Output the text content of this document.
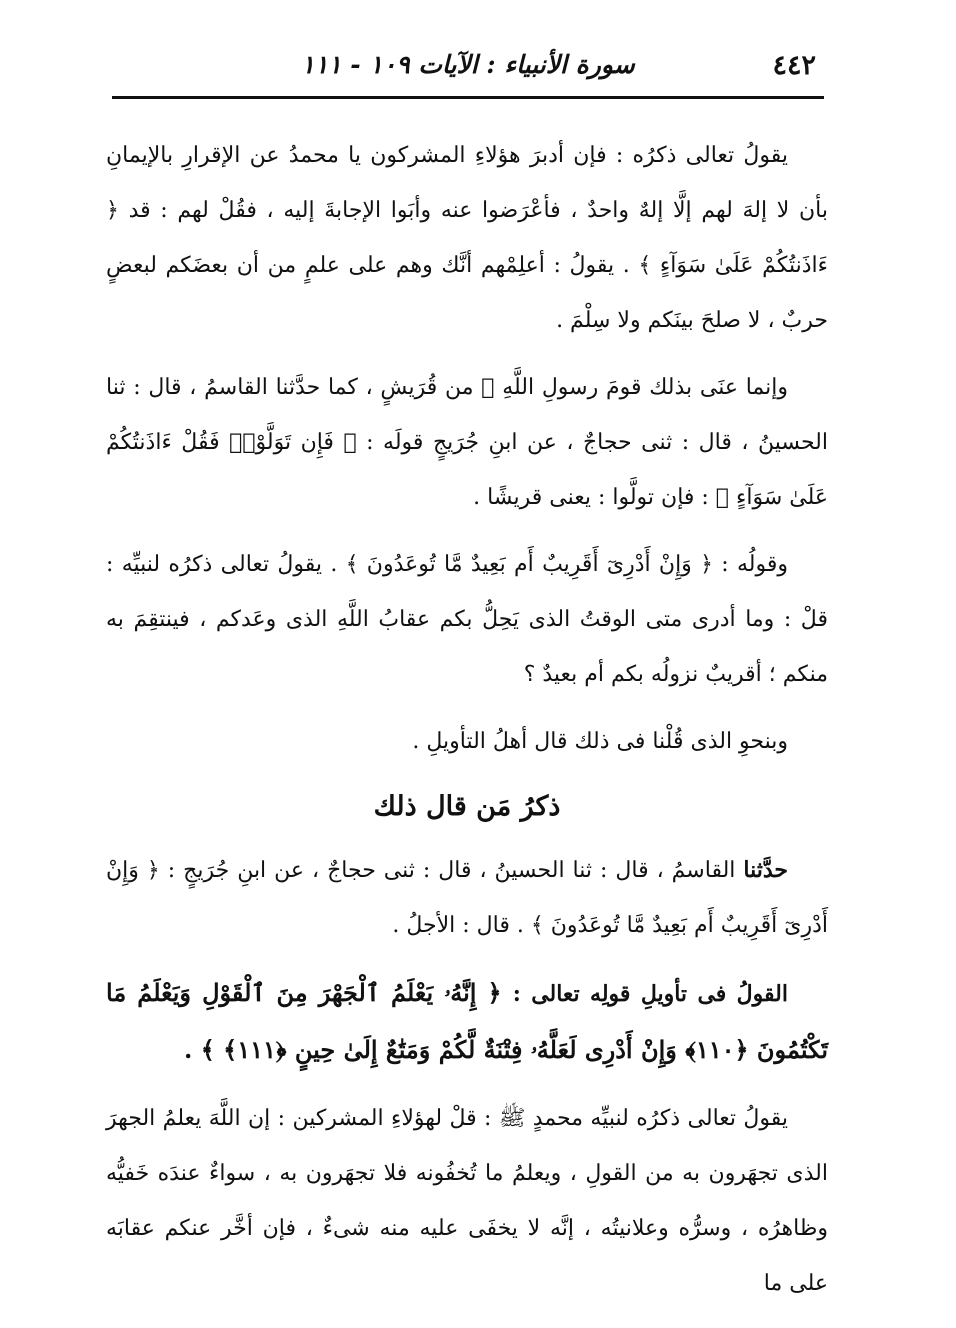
٤٤٢
سورة الأنبياء : الآيات ١٠٩ - ١١١

يقولُ تعالى ذكرُه : فإن أدبرَ هؤلاءِ المشركون يا محمدُ عن الإقرارِ بالإيمانِ بأن لا إلهَ لهم إلَّا إلهٌ واحدٌ ، فأعْرَضوا عنه وأبَوا الإجابةَ إليه ، فقُلْ لهم : قد ﴿ ءَاذَنتُكُمْ عَلَىٰ سَوَآءٍ ﴾ . يقولُ : أعلِمْهم أنَّك وهم على علمٍ من أن بعضَكم لبعضٍ حربٌ ، لا صلحَ بينَكم ولا سِلْمَ .

وإنما عنَى بذلك قومَ رسولِ اللَّهِ ﷺ من قُرَيشٍ ، كما حدَّثنا القاسمُ ، قال : ثنا الحسينُ ، قال : ثنى حجاجٌ ، عن ابنِ جُرَيجٍ قولَه : ﴿ فَإِن تَوَلَّوْا۟ فَقُلْ ءَاذَنتُكُمْ عَلَىٰ سَوَآءٍ ﴾ : فإن تولَّوا : يعنى قريشًا .

وقولُه : ﴿ وَإِنْ أَدْرِىٓ أَقَرِيبٌ أَم بَعِيدٌ مَّا تُوعَدُونَ ﴾ . يقولُ تعالى ذكرُه لنبيِّه : قلْ : وما أدرى متى الوقتُ الذى يَحِلُّ بكم عقابُ اللَّهِ الذى وعَدكم ، فينتقِمَ به منكم ؛ أقريبٌ نزولُه بكم أم بعيدٌ ؟

وبنحوِ الذى قُلْنا فى ذلك قال أهلُ التأويلِ .

ذكرُ مَن قال ذلك

حدَّثنا القاسمُ ، قال : ثنا الحسينُ ، قال : ثنى حجاجٌ ، عن ابنِ جُرَيجٍ : ﴿ وَإِنْ أَدْرِىٓ أَقَرِيبٌ أَم بَعِيدٌ مَّا تُوعَدُونَ ﴾ . قال : الأجلُ .

القولُ فى تأويلِ قولِه تعالى : ﴿ إِنَّهُۥ يَعْلَمُ ٱلْجَهْرَ مِنَ ٱلْقَوْلِ وَيَعْلَمُ مَا تَكْتُمُونَ ﴿١١٠﴾ وَإِنْ أَدْرِى لَعَلَّهُۥ فِتْنَةٌ لَّكُمْ وَمَتَٰعٌ إِلَىٰ حِينٍ ﴿١١١﴾ ﴾ .

يقولُ تعالى ذكرُه لنبيِّه محمدٍ ﷺ : قلْ لهؤلاءِ المشركين : إن اللَّهَ يعلمُ الجهرَ الذى تجهَرون به من القولِ ، ويعلمُ ما تُخفُونه فلا تجهَرون به ، سواءٌ عندَه خَفيُّه وظاهرُه ، وسرُّه وعلانيتُه ، إنَّه لا يخفَى عليه منه شىءٌ ، فإن أخَّر عنكم عقابَه على ما
